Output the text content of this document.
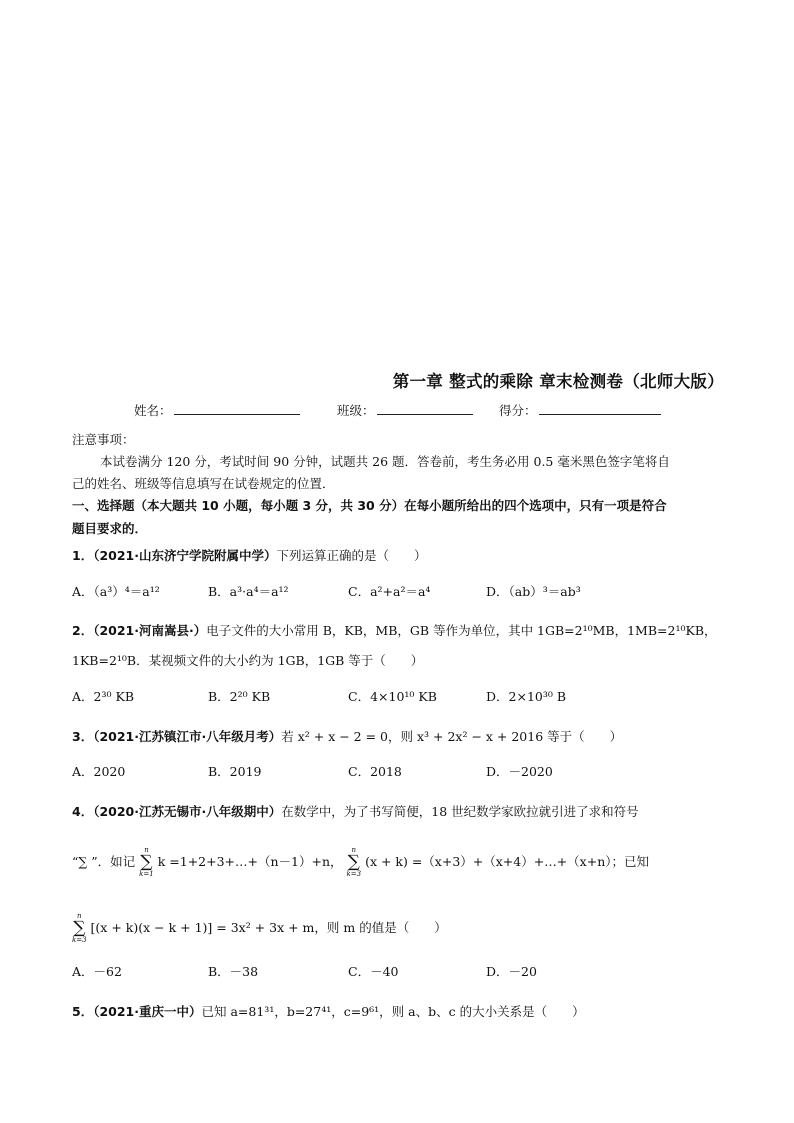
第一章 整式的乘除 章末检测卷（北师大版）
姓名：	班级：	得分：
注意事项：
本试卷满分 120 分，考试时间 90 分钟，试题共 26 题．答卷前，考生务必用 0.5 毫米黑色签字笔将自
己的姓名、班级等信息填写在试卷规定的位置．
一、选择题（本大题共 10 小题，每小题 3 分，共 30 分）在每小题所给出的四个选项中，只有一项是符合
题目要求的．
1．（2021·山东济宁学院附属中学）下列运算正确的是（　　）
A．（a³）⁴＝a¹²	B．a³·a⁴＝a¹²	C．a²+a²＝a⁴	D．（ab）³＝ab³
2．（2021·河南嵩县·）电子文件的大小常用 B，KB，MB，GB 等作为单位，其中 1GB=2¹⁰MB，1MB=2¹⁰KB，
1KB=2¹⁰B．某视频文件的大小约为 1GB，1GB 等于（　　）
A．2³⁰ KB	B．2²⁰ KB	C．4×10¹⁰ KB	D．2×10³⁰ B
3．（2021·江苏镇江市·八年级月考）若 x² + x − 2 = 0，则 x³ + 2x² − x + 2016 等于（　　）
A．2020	B．2019	C．2018	D．－2020
4．（2020·江苏无锡市·八年级期中）在数学中，为了书写简便，18 世纪数学家欧拉就引进了求和符号
“∑ ”．如记
n
∑
k=1
k =1+2+3+…+（n－1）+n，
n
∑
k=3
(x + k) =（x+3）+（x+4）+…+（x+n）；已知
n
∑
k=3
[(x + k)(x − k + 1)] = 3x² + 3x + m，则 m 的值是（　　）
A．－62	B．－38	C．－40	D．－20
5．（2021·重庆一中）已知 a=81³¹，b=27⁴¹，c=9⁶¹，则 a、b、c 的大小关系是（　　）
